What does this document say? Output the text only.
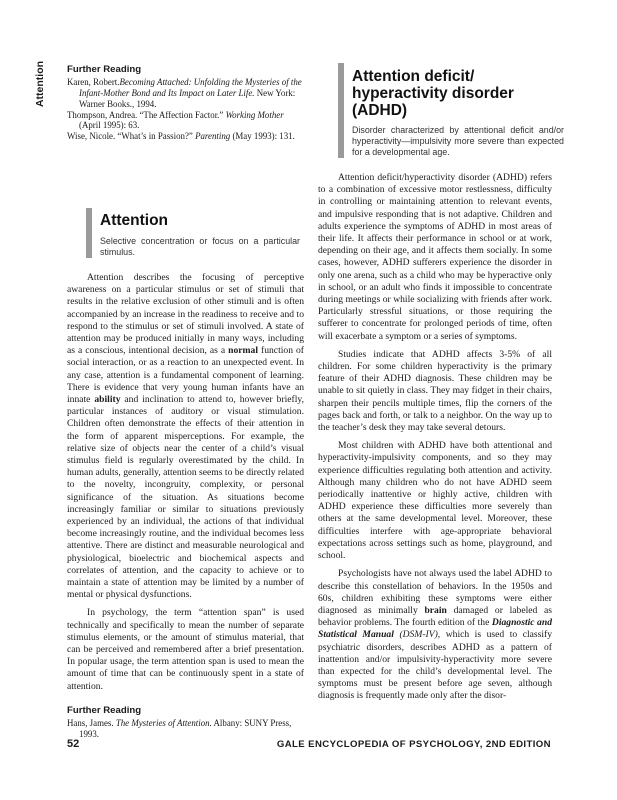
Attention Further Reading

Karen, Robert.Becoming Attached: Unfolding the Mysteries of the Infant-Mother Bond and Its Impact on Later Life. New York: Warner Books., 1994.

Thompson, Andrea. “The Affection Factor.” Working Mother (April 1995): 63.

Wise, Nicole. “What’s in Passion?” Parenting (May 1993): 131.

Attention
Selective concentration or focus on a particular stimulus.

Attention describes the focusing of perceptive awareness on a particular stimulus or set of stimuli that results in the relative exclusion of other stimuli and is often accompanied by an increase in the readiness to receive and to respond to the stimulus or set of stimuli involved. A state of attention may be produced initially in many ways, including as a conscious, intentional decision, as a normal function of social interaction, or as a reaction to an unexpected event. In any case, attention is a fundamental component of learning. There is evidence that very young human infants have an innate ability and inclination to attend to, however briefly, particular instances of auditory or visual stimulation. Children often demonstrate the effects of their attention in the form of apparent misperceptions. For example, the relative size of objects near the center of a child’s visual stimulus field is regularly overestimated by the child. In human adults, generally, attention seems to be directly related to the novelty, incongruity, complexity, or personal significance of the situation. As situations become increasingly familiar or similar to situations previously experienced by an individual, the actions of that individual become increasingly routine, and the individual becomes less attentive. There are distinct and measurable neurological and physiological, bioelectric and biochemical aspects and correlates of attention, and the capacity to achieve or to maintain a state of attention may be limited by a number of mental or physical dysfunctions.

In psychology, the term “attention span” is used technically and specifically to mean the number of separate stimulus elements, or the amount of stimulus material, that can be perceived and remembered after a brief presentation. In popular usage, the term attention span is used to mean the amount of time that can be continuously spent in a state of attention.

Further Reading

Hans, James. The Mysteries of Attention. Albany: SUNY Press, 1993.

Attention deficit/ hyperactivity disorder (ADHD)
Disorder characterized by attentional deficit and/or hyperactivity—impulsivity more severe than expected for a developmental age.

Attention deficit/hyperactivity disorder (ADHD) refers to a combination of excessive motor restlessness, difficulty in controlling or maintaining attention to relevant events, and impulsive responding that is not adaptive. Children and adults experience the symptoms of ADHD in most areas of their life. It affects their performance in school or at work, depending on their age, and it affects them socially. In some cases, however, ADHD sufferers experience the disorder in only one arena, such as a child who may be hyperactive only in school, or an adult who finds it impossible to concentrate during meetings or while socializing with friends after work. Particularly stressful situations, or those requiring the sufferer to concentrate for prolonged periods of time, often will exacerbate a symptom or a series of symptoms.

Studies indicate that ADHD affects 3-5% of all children. For some children hyperactivity is the primary feature of their ADHD diagnosis. These children may be unable to sit quietly in class. They may fidget in their chairs, sharpen their pencils multiple times, flip the corners of the pages back and forth, or talk to a neighbor. On the way up to the teacher’s desk they may take several detours.

Most children with ADHD have both attentional and hyperactivity-impulsivity components, and so they may experience difficulties regulating both attention and activity. Although many children who do not have ADHD seem periodically inattentive or highly active, children with ADHD experience these difficulties more severely than others at the same developmental level. Moreover, these difficulties interfere with age-appropriate behavioral expectations across settings such as home, playground, and school.

Psychologists have not always used the label ADHD to describe this constellation of behaviors. In the 1950s and 60s, children exhibiting these symptoms were either diagnosed as minimally brain damaged or labeled as behavior problems. The fourth edition of the Diagnostic and Statistical Manual (DSM-IV), which is used to classify psychiatric disorders, describes ADHD as a pattern of inattention and/or impulsivity-hyperactivity more severe than expected for the child’s developmental level. The symptoms must be present before age seven, although diagnosis is frequently made only after the disor-

52	GALE ENCYCLOPEDIA OF PSYCHOLOGY, 2ND EDITION
